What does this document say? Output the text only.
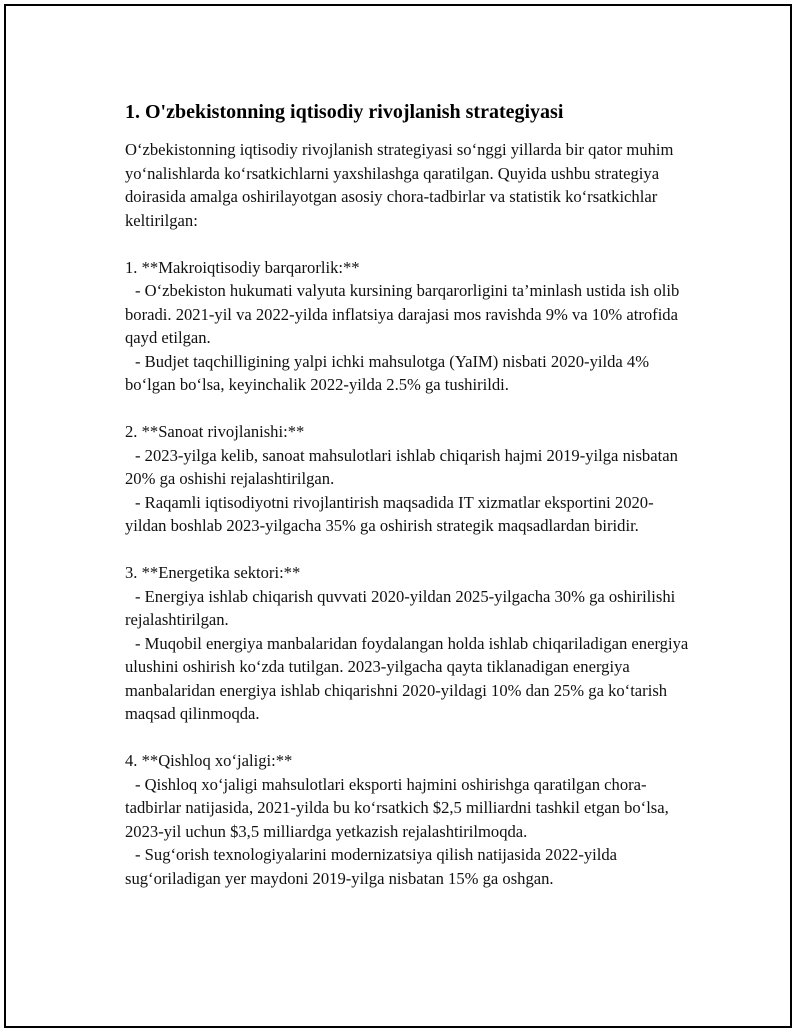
1. O'zbekistonning iqtisodiy rivojlanish strategiyasi

O‘zbekistonning iqtisodiy rivojlanish strategiyasi so‘nggi yillarda bir qator muhim yo‘nalishlarda ko‘rsatkichlarni yaxshilashga qaratilgan. Quyida ushbu strategiya doirasida amalga oshirilayotgan asosiy chora-tadbirlar va statistik ko‘rsatkichlar keltirilgan:

1. **Makroiqtisodiy barqarorlik:**
- O‘zbekiston hukumati valyuta kursining barqarorligini ta’minlash ustida ish olib boradi. 2021-yil va 2022-yilda inflatsiya darajasi mos ravishda 9% va 10% atrofida qayd etilgan.
- Budjet taqchilligining yalpi ichki mahsulotga (YaIM) nisbati 2020-yilda 4% bo‘lgan bo‘lsa, keyinchalik 2022-yilda 2.5% ga tushirildi.
2. **Sanoat rivojlanishi:**
- 2023-yilga kelib, sanoat mahsulotlari ishlab chiqarish hajmi 2019-yilga nisbatan 20% ga oshishi rejalashtirilgan.
- Raqamli iqtisodiyotni rivojlantirish maqsadida IT xizmatlar eksportini 2020-yildan boshlab 2023-yilgacha 35% ga oshirish strategik maqsadlardan biridir.
3. **Energetika sektori:**
- Energiya ishlab chiqarish quvvati 2020-yildan 2025-yilgacha 30% ga oshirilishi rejalashtirilgan.
- Muqobil energiya manbalaridan foydalangan holda ishlab chiqariladigan energiya ulushini oshirish ko‘zda tutilgan. 2023-yilgacha qayta tiklanadigan energiya manbalaridan energiya ishlab chiqarishni 2020-yildagi 10% dan 25% ga ko‘tarish maqsad qilinmoqda.
4. **Qishloq xo‘jaligi:**
- Qishloq xo‘jaligi mahsulotlari eksporti hajmini oshirishga qaratilgan chora-tadbirlar natijasida, 2021-yilda bu ko‘rsatkich $2,5 milliardni tashkil etgan bo‘lsa, 2023-yil uchun $3,5 milliardga yetkazish rejalashtirilmoqda.
- Sug‘orish texnologiyalarini modernizatsiya qilish natijasida 2022-yilda sug‘oriladigan yer maydoni 2019-yilga nisbatan 15% ga oshgan.
